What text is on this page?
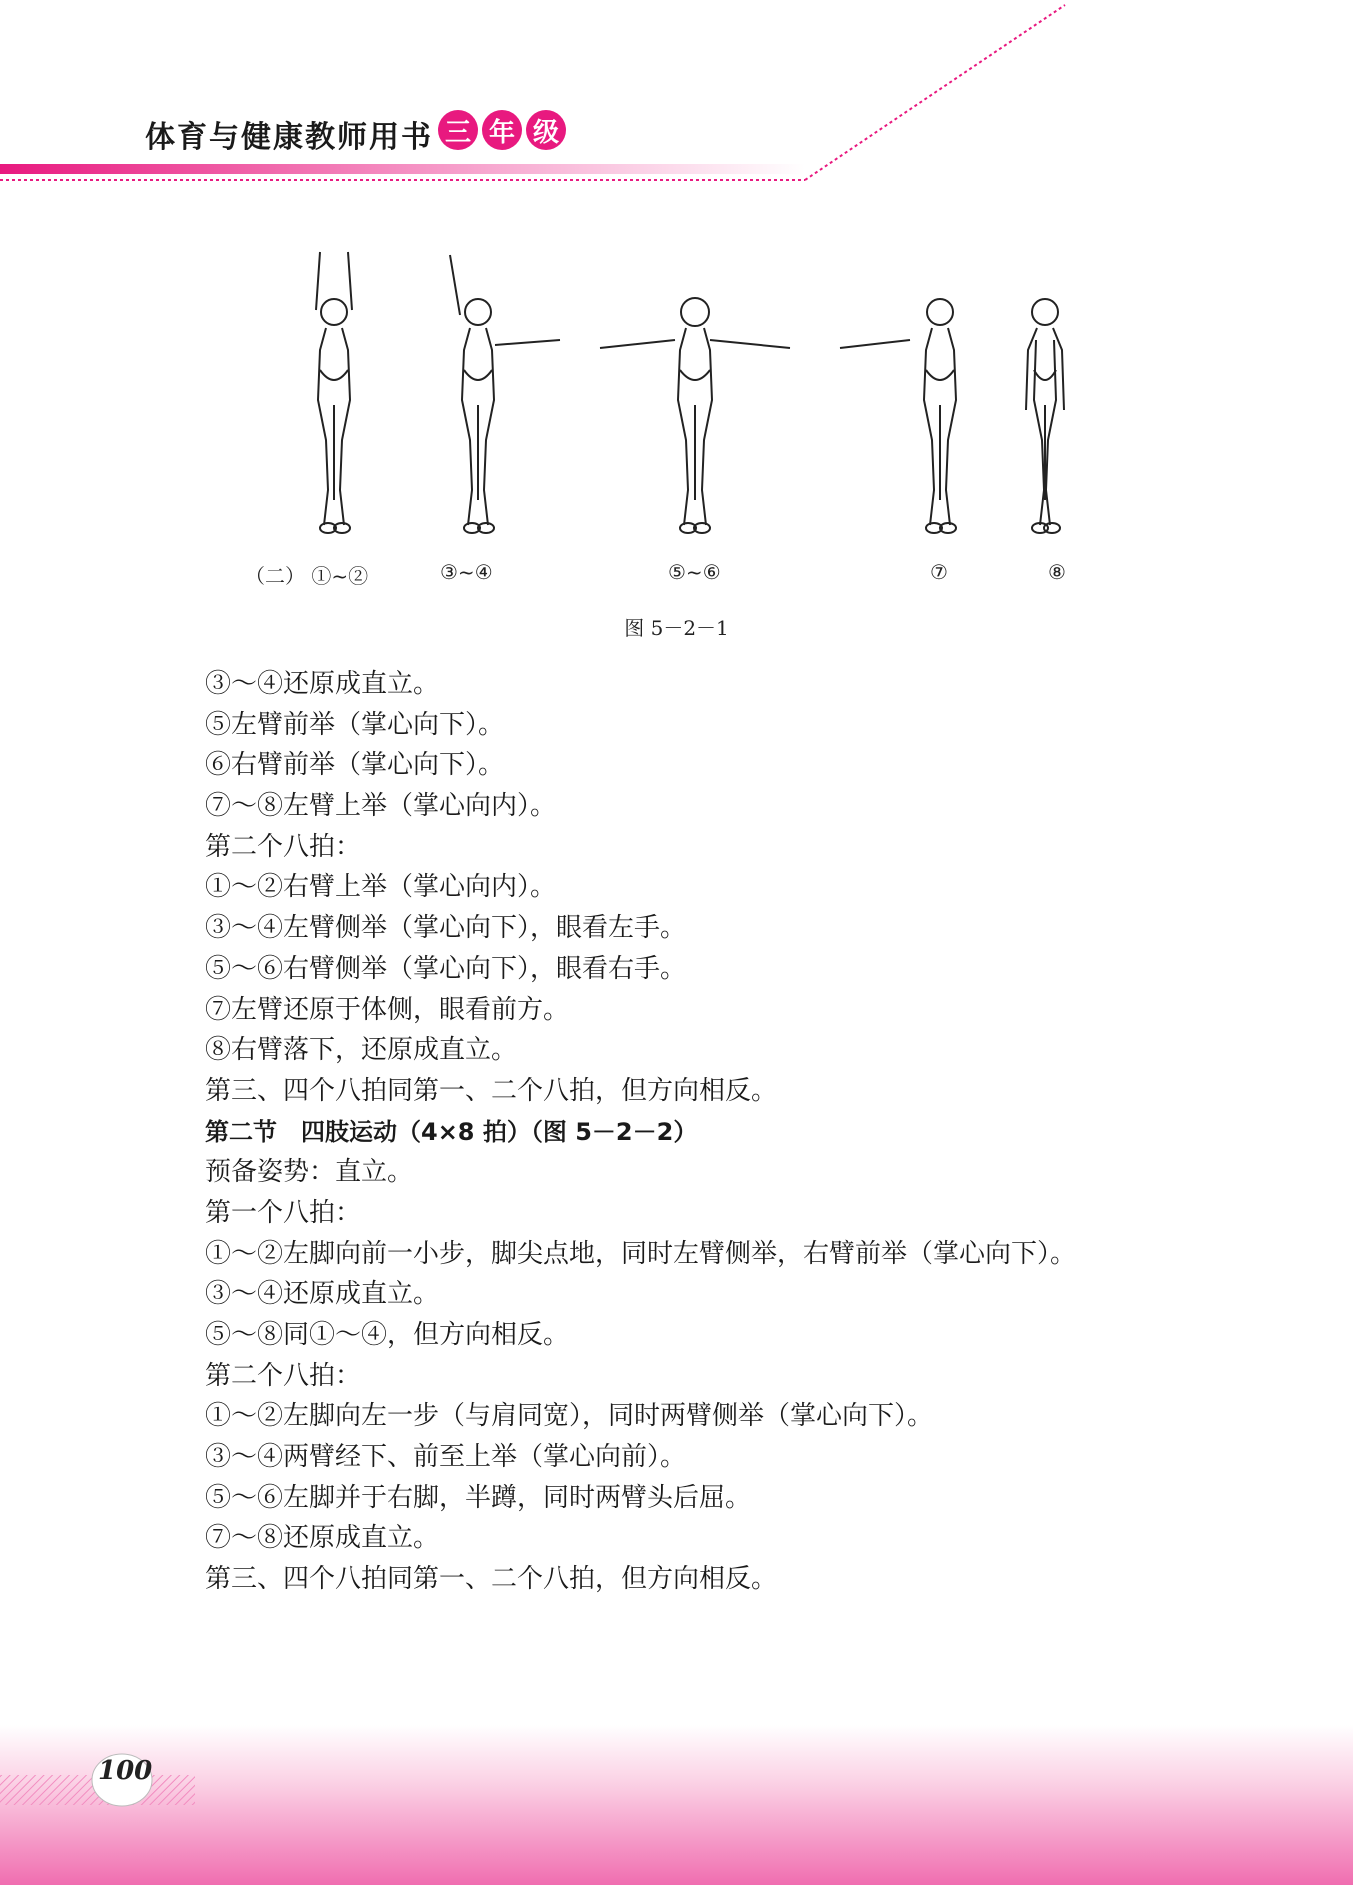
体育与健康教师用书 三 年 级
（二） ①~②	③~④	⑤~⑥	⑦	⑧
图 5－2－1
③～④还原成直立。
⑤左臂前举（掌心向下）。
⑥右臂前举（掌心向下）。
⑦～⑧左臂上举（掌心向内）。
第二个八拍：
①～②右臂上举（掌心向内）。
③～④左臂侧举（掌心向下），眼看左手。
⑤～⑥右臂侧举（掌心向下），眼看右手。
⑦左臂还原于体侧，眼看前方。
⑧右臂落下，还原成直立。
第三、四个八拍同第一、二个八拍，但方向相反。
第二节　四肢运动（4×8 拍）（图 5－2－2）
预备姿势：直立。
第一个八拍：
①～②左脚向前一小步，脚尖点地，同时左臂侧举，右臂前举（掌心向下）。
③～④还原成直立。
⑤～⑧同①～④，但方向相反。
第二个八拍：
①～②左脚向左一步（与肩同宽），同时两臂侧举（掌心向下）。
③～④两臂经下、前至上举（掌心向前）。
⑤～⑥左脚并于右脚，半蹲，同时两臂头后屈。
⑦～⑧还原成直立。
第三、四个八拍同第一、二个八拍，但方向相反。
100
